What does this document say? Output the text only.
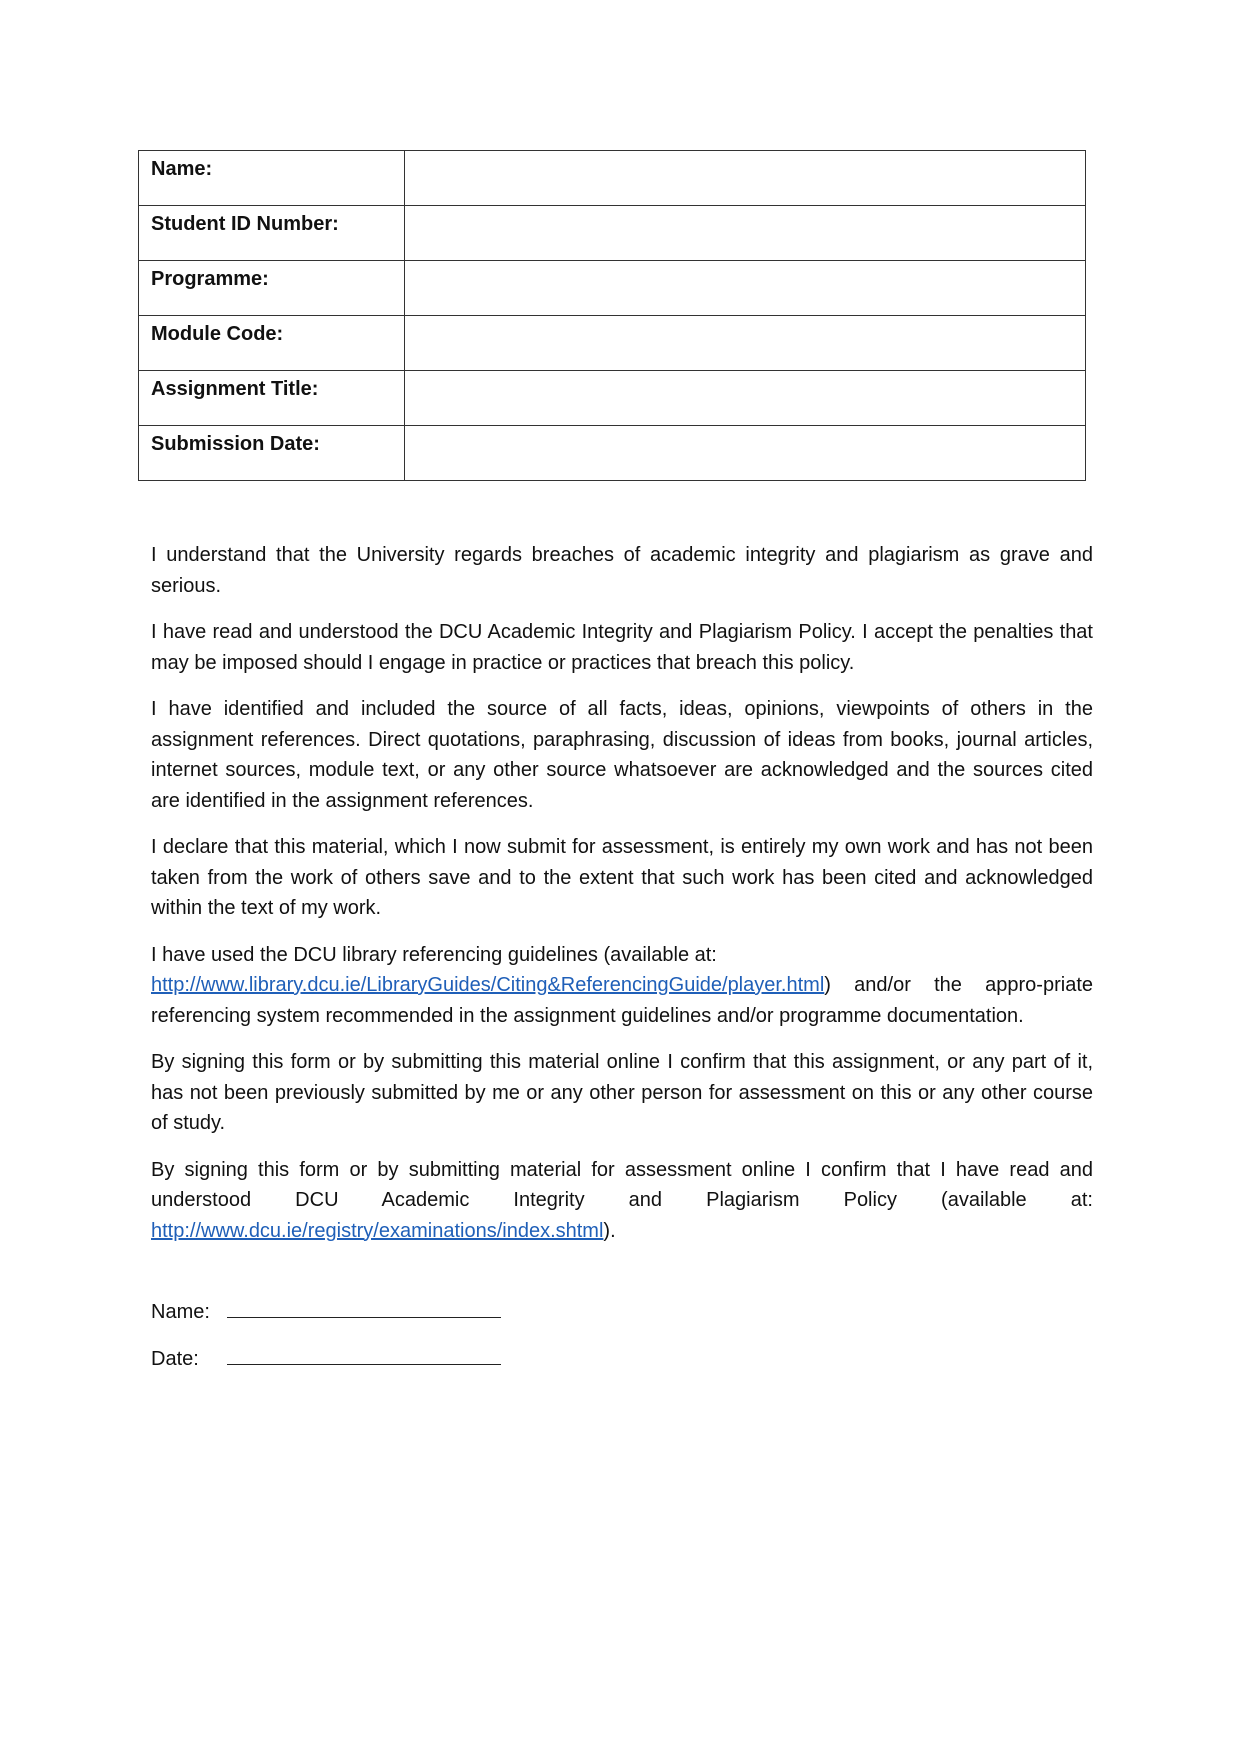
Name:	
Student ID Number:	
Programme:	
Module Code:	
Assignment Title:	
Submission Date:	

I understand that the University regards breaches of academic integrity and plagiarism as grave and serious.

I have read and understood the DCU Academic Integrity and Plagiarism Policy. I accept the penalties that may be imposed should I engage in practice or practices that breach this policy.

I have identified and included the source of all facts, ideas, opinions, viewpoints of others in the assignment references. Direct quotations, paraphrasing, discussion of ideas from books, journal articles, internet sources, module text, or any other source whatsoever are acknowledged and the sources cited are identified in the assignment references.

I declare that this material, which I now submit for assessment, is entirely my own work and has not been taken from the work of others save and to the extent that such work has been cited and acknowledged within the text of my work.

I have used the DCU library referencing guidelines (available at:
http://www.library.dcu.ie/LibraryGuides/Citing&ReferencingGuide/player.html) and/or the appro-priate referencing system recommended in the assignment guidelines and/or programme documentation.

By signing this form or by submitting this material online I confirm that this assignment, or any part of it, has not been previously submitted by me or any other person for assessment on this or any other course of study.

By signing this form or by submitting material for assessment online I confirm that I have read and understood DCU Academic Integrity and Plagiarism Policy (available at: http://www.dcu.ie/registry/examinations/index.shtml).

Name:
Date:
